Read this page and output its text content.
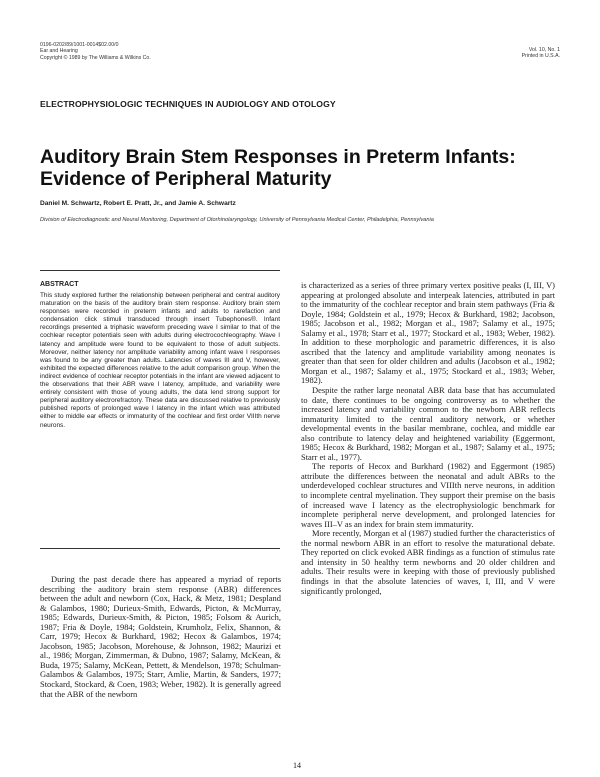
0196-0202/89/1001-0014$02.00/0
Ear and Hearing
Copyright © 1989 by The Williams & Wilkins Co.
Vol. 10, No. 1
Printed in U.S.A.
ELECTROPHYSIOLOGIC TECHNIQUES IN AUDIOLOGY AND OTOLOGY
Auditory Brain Stem Responses in Preterm Infants: Evidence of Peripheral Maturity
Daniel M. Schwartz, Robert E. Pratt, Jr., and Jamie A. Schwartz
Division of Electrodiagnostic and Neural Monitoring, Department of Otorhinolaryngology, University of Pennsylvania Medical Center, Philadelphia, Pennsylvania
ABSTRACT
This study explored further the relationship between peripheral and central auditory maturation on the basis of the auditory brain stem response. Auditory brain stem responses were recorded in preterm infants and adults to rarefaction and condensation click stimuli transduced through insert Tubephones®. Infant recordings presented a triphasic waveform preceding wave I similar to that of the cochlear receptor potentials seen with adults during electrocochleography. Wave I latency and amplitude were found to be equivalent to those of adult subjects. Moreover, neither latency nor amplitude variability among infant wave I responses was found to be any greater than adults. Latencies of waves III and V, however, exhibited the expected differences relative to the adult comparison group. When the indirect evidence of cochlear receptor potentials in the infant are viewed adjacent to the observations that their ABR wave I latency, amplitude, and variability were entirely consistent with those of young adults, the data lend strong support for peripheral auditory electrorefractory. These data are discussed relative to previously published reports of prolonged wave I latency in the infant which was attributed either to middle ear effects or immaturity of the cochlear and first order VIIIth nerve neurons.

During the past decade there has appeared a myriad of reports describing the auditory brain stem response (ABR) differences between the adult and newborn (Cox, Hack, & Metz, 1981; Despland & Galambos, 1980; Durieux-Smith, Edwards, Picton, & McMurray, 1985; Edwards, Durieux-Smith, & Picton, 1985; Folsom & Aurich, 1987; Fria & Doyle, 1984; Goldstein, Krumholz, Felix, Shannon, & Carr, 1979; Hecox & Burkhard, 1982; Hecox & Galambos, 1974; Jacobson, 1985; Jacobson, Morehouse, & Johnson, 1982; Maurizi et al., 1986; Morgan, Zimmerman, & Dubno, 1987; Salamy, McKean, & Buda, 1975; Salamy, McKean, Pettett, & Mendelson, 1978; Schulman-Galambos & Galambos, 1975; Starr, Amlie, Martin, & Sanders, 1977; Stockard, Stockard, & Coen, 1983; Weber, 1982). It is generally agreed that the ABR of the newborn

is characterized as a series of three primary vertex positive peaks (I, III, V) appearing at prolonged absolute and interpeak latencies, attributed in part to the immaturity of the cochlear receptor and brain stem pathways (Fria & Doyle, 1984; Goldstein et al., 1979; Hecox & Burkhard, 1982; Jacobson, 1985; Jacobson et al., 1982; Morgan et al., 1987; Salamy et al., 1975; Salamy et al., 1978; Starr et al., 1977; Stockard et al., 1983; Weber, 1982). In addition to these morphologic and parametric differences, it is also ascribed that the latency and amplitude variability among neonates is greater than that seen for older children and adults (Jacobson et al., 1982; Morgan et al., 1987; Salamy et al., 1975; Stockard et al., 1983; Weber, 1982).

Despite the rather large neonatal ABR data base that has accumulated to date, there continues to be ongoing controversy as to whether the increased latency and variability common to the newborn ABR reflects immaturity limited to the central auditory network, or whether developmental events in the basilar membrane, cochlea, and middle ear also contribute to latency delay and heightened variability (Eggermont, 1985; Hecox & Burkhard, 1982; Morgan et al., 1987; Salamy et al., 1975; Starr et al., 1977).

The reports of Hecox and Burkhard (1982) and Eggermont (1985) attribute the differences between the neonatal and adult ABRs to the underdeveloped cochlear structures and VIIIth nerve neurons, in addition to incomplete central myelination. They support their premise on the basis of increased wave I latency as the electrophysiologic benchmark for incomplete peripheral nerve development, and prolonged latencies for waves III–V as an index for brain stem immaturity.

More recently, Morgan et al (1987) studied further the characteristics of the normal newborn ABR in an effort to resolve the maturational debate. They reported on click evoked ABR findings as a function of stimulus rate and intensity in 50 healthy term newborns and 20 older children and adults. Their results were in keeping with those of previously published findings in that the absolute latencies of waves, I, III, and V were significantly prolonged,

14
